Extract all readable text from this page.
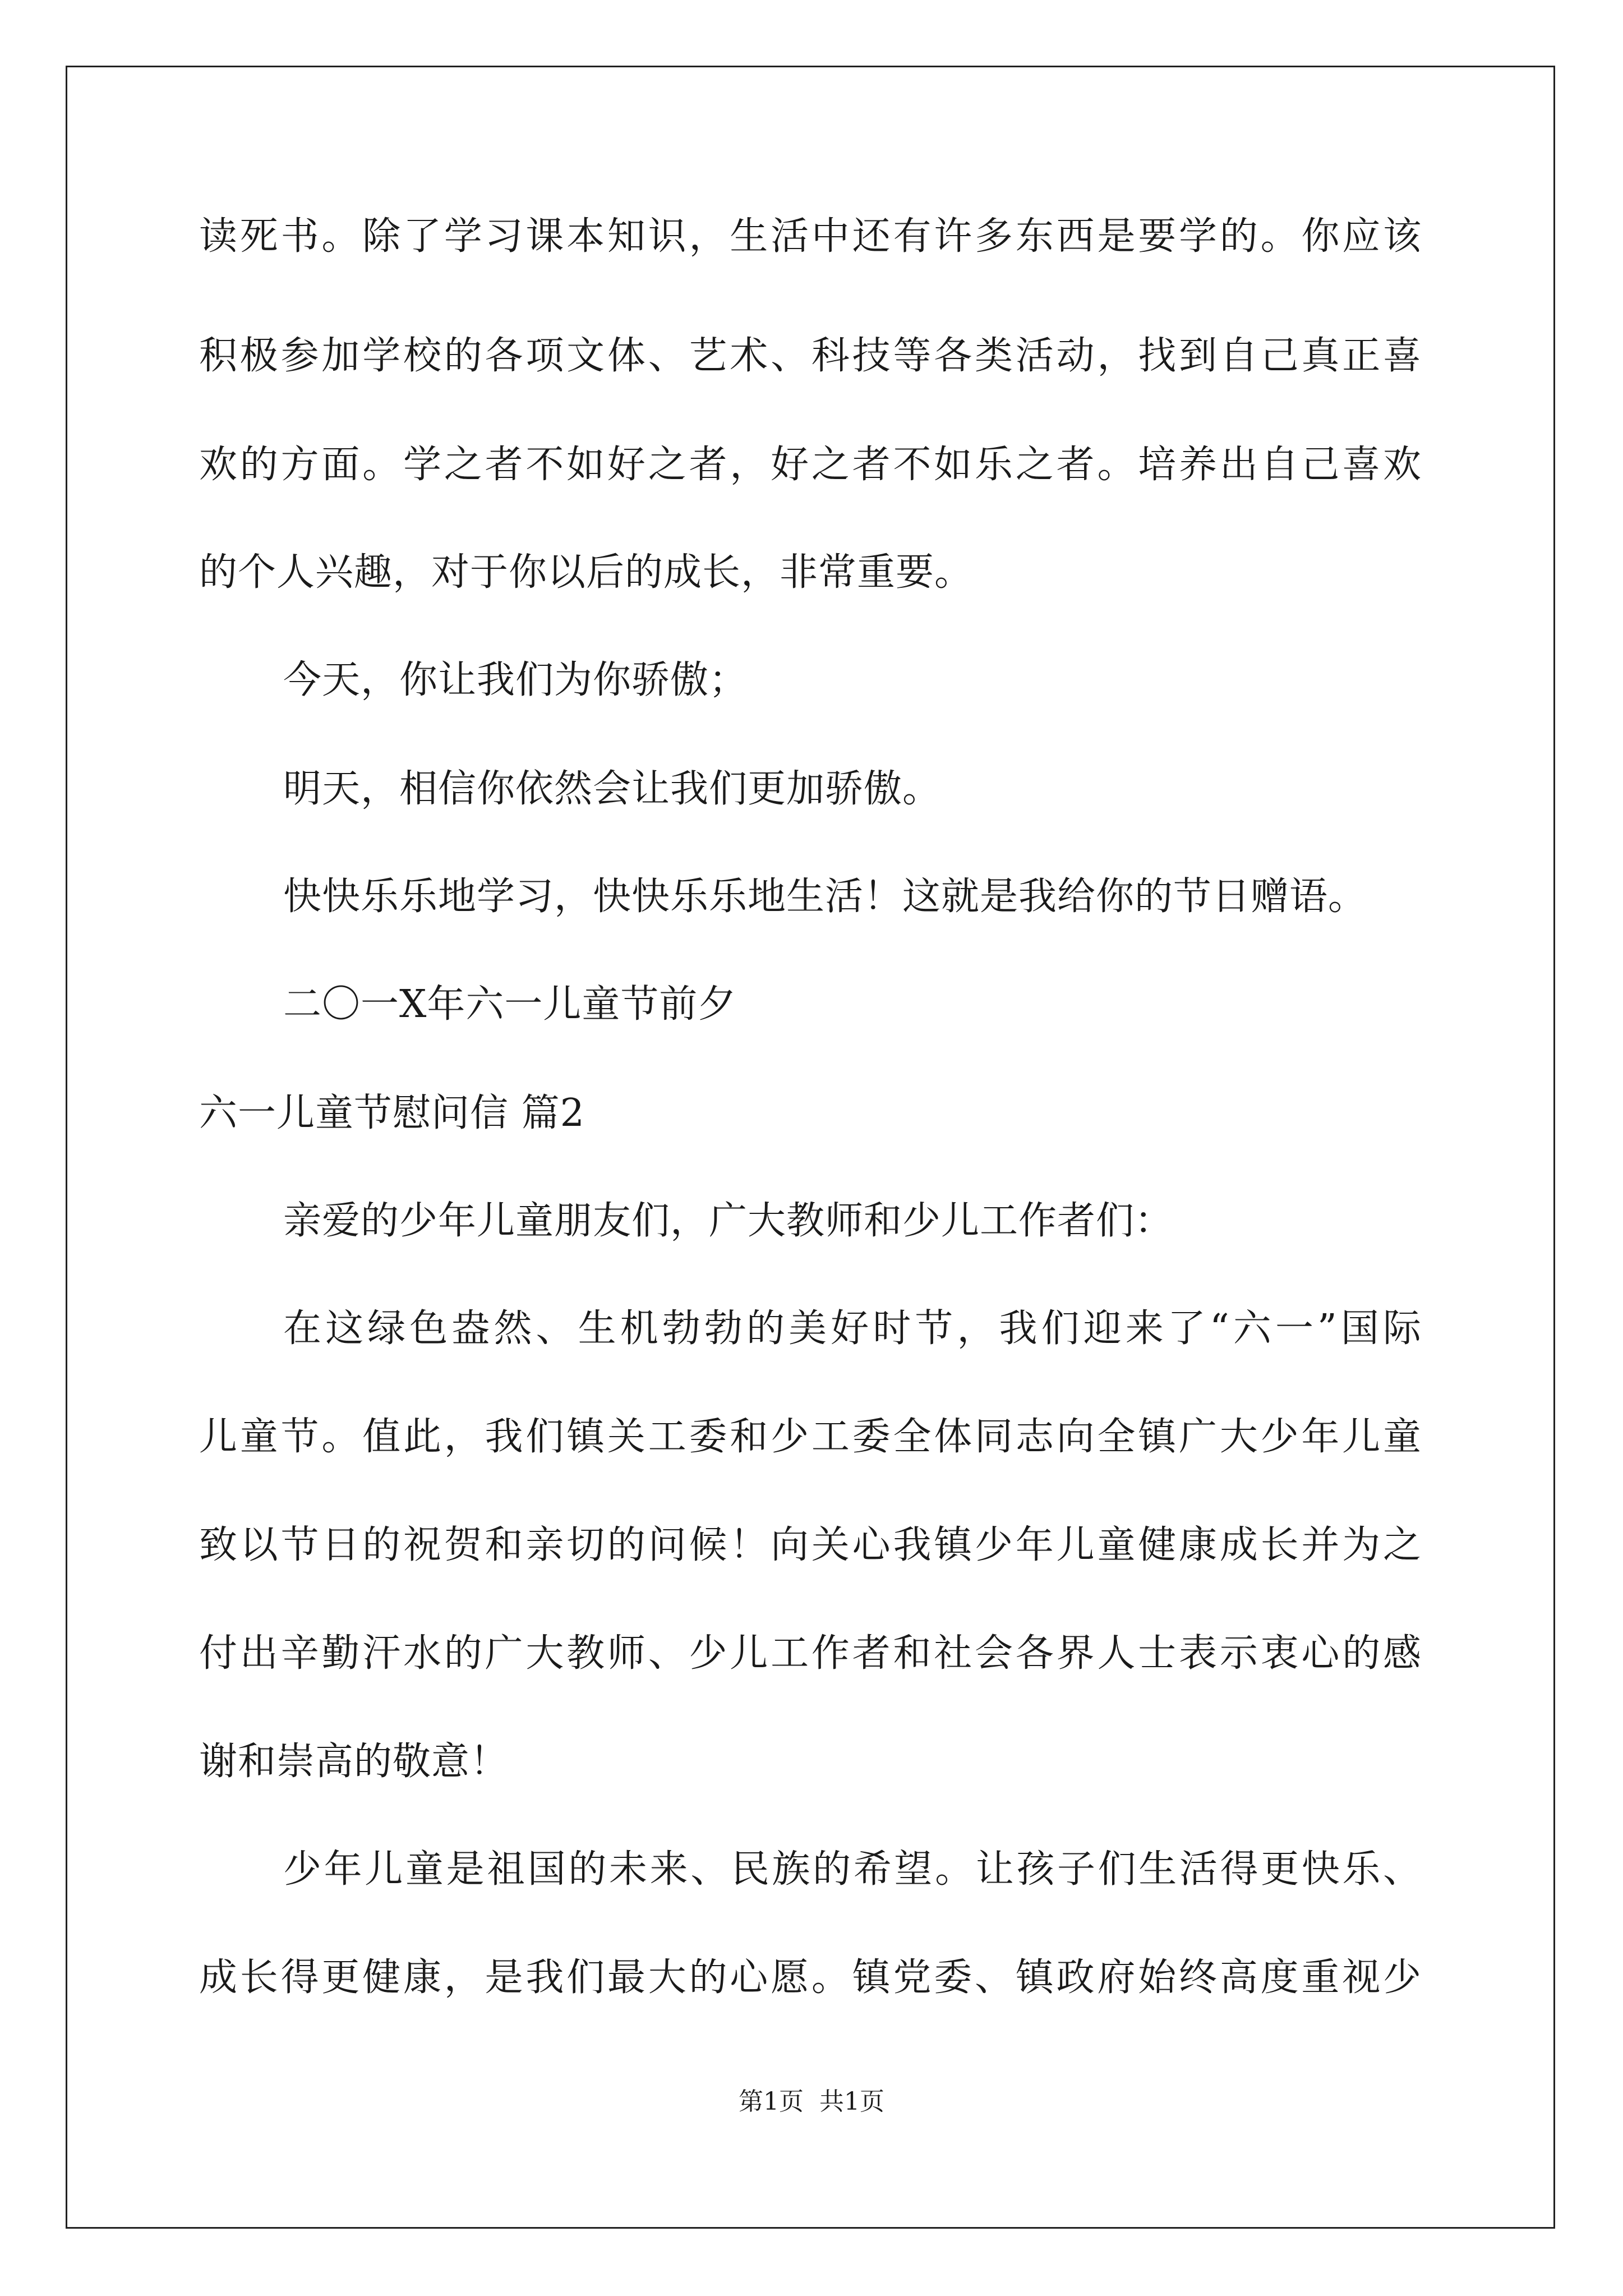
读死书。除了学习课本知识，生活中还有许多东西是要学的。你应该
积极参加学校的各项文体、艺术、科技等各类活动，找到自己真正喜
欢的方面。学之者不如好之者，好之者不如乐之者。培养出自己喜欢
的个人兴趣，对于你以后的成长，非常重要。
今天，你让我们为你骄傲；
明天，相信你依然会让我们更加骄傲。
快快乐乐地学习，快快乐乐地生活！这就是我给你的节日赠语。
二〇一X年六一儿童节前夕
六一儿童节慰问信 篇2
亲爱的少年儿童朋友们，广大教师和少儿工作者们：
在这绿色盎然、生机勃勃的美好时节，我们迎来了“六一”国际
儿童节。值此，我们镇关工委和少工委全体同志向全镇广大少年儿童
致以节日的祝贺和亲切的问候！向关心我镇少年儿童健康成长并为之
付出辛勤汗水的广大教师、少儿工作者和社会各界人士表示衷心的感
谢和崇高的敬意！
少年儿童是祖国的未来、民族的希望。让孩子们生活得更快乐、
成长得更健康，是我们最大的心愿。镇党委、镇政府始终高度重视少
第1页  共1页
